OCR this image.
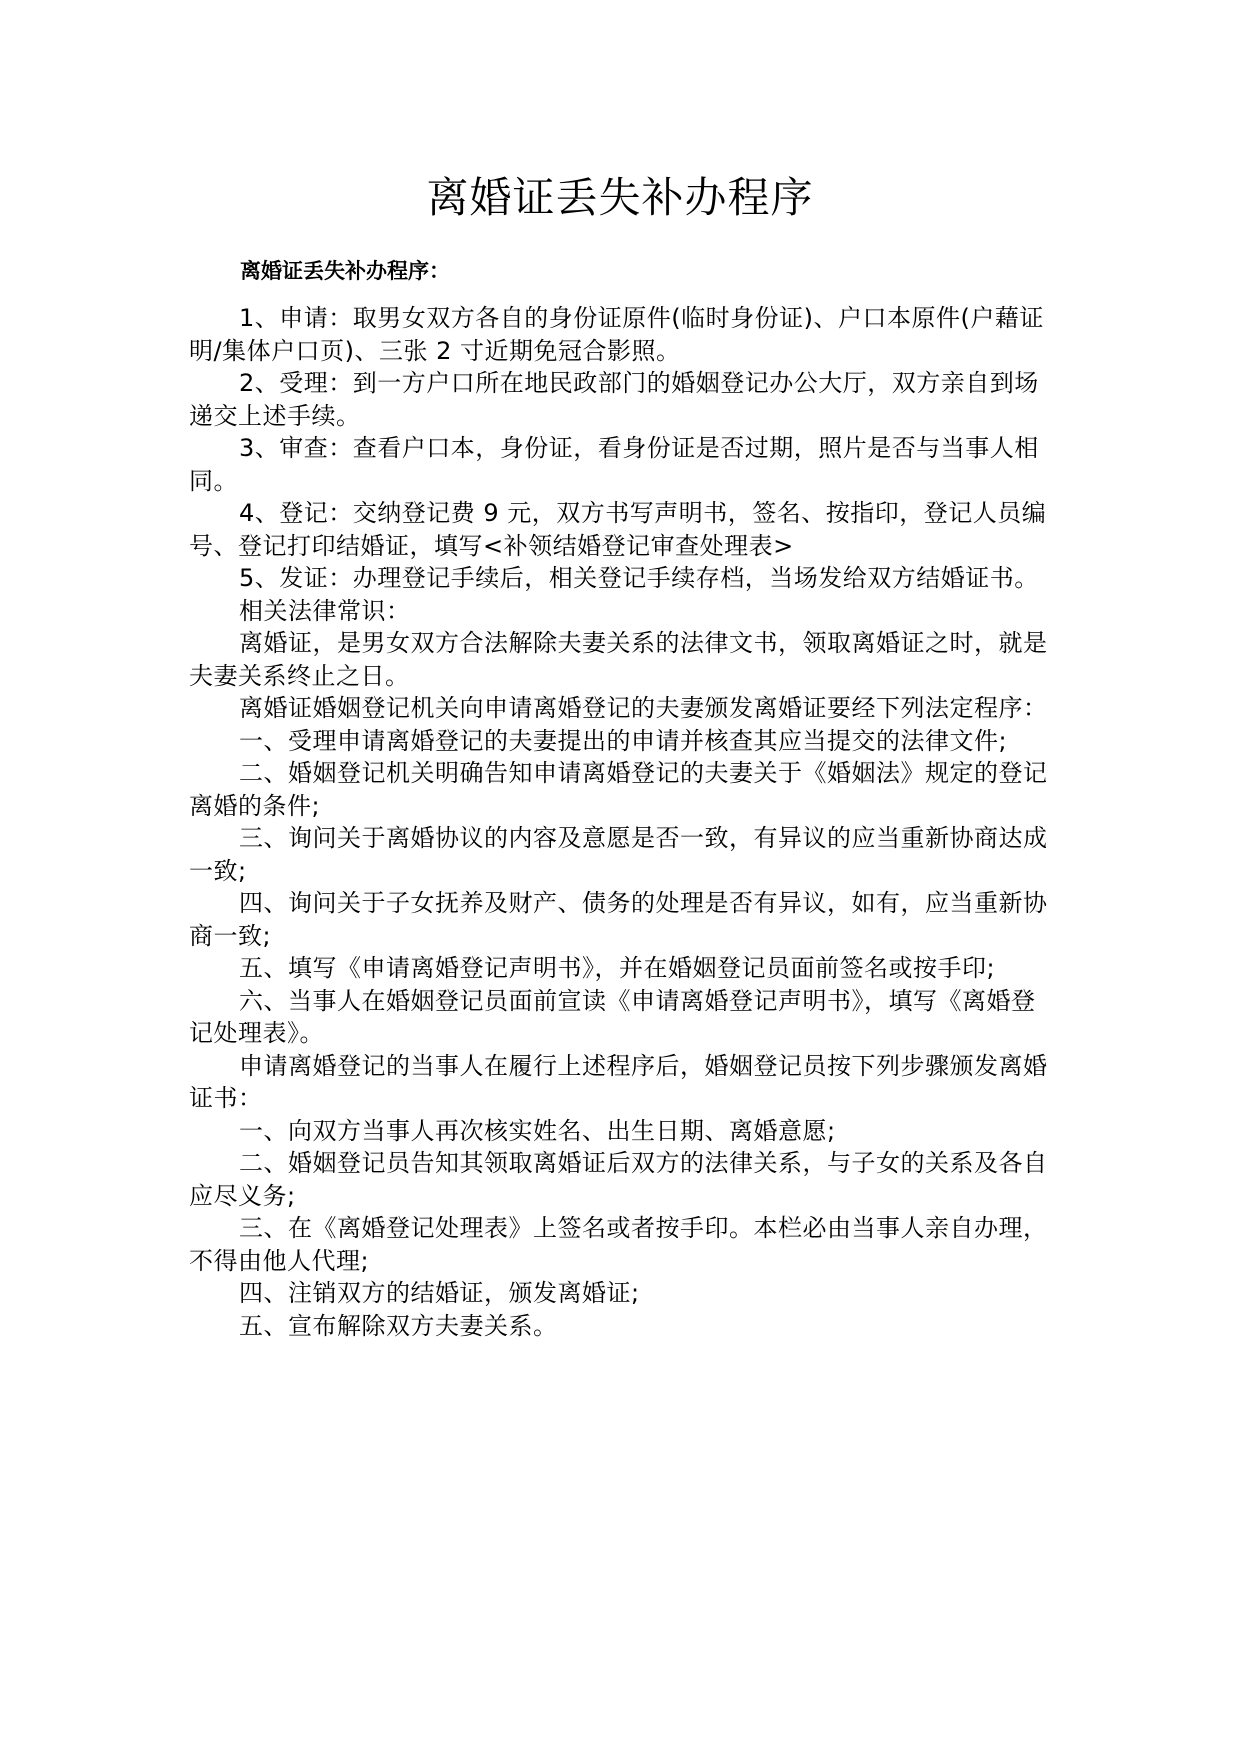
离婚证丢失补办程序

离婚证丢失补办程序：

1、申请：取男女双方各自的身份证原件(临时身份证)、户口本原件(户藉证明/集体户口页)、三张 2 寸近期免冠合影照。

2、受理：到一方户口所在地民政部门的婚姻登记办公大厅，双方亲自到场递交上述手续。

3、审查：查看户口本，身份证，看身份证是否过期，照片是否与当事人相同。

4、登记：交纳登记费 9 元，双方书写声明书，签名、按指印，登记人员编号、登记打印结婚证，填写<补领结婚登记审查处理表>

5、发证：办理登记手续后，相关登记手续存档，当场发给双方结婚证书。

相关法律常识：

离婚证，是男女双方合法解除夫妻关系的法律文书，领取离婚证之时，就是夫妻关系终止之日。

离婚证婚姻登记机关向申请离婚登记的夫妻颁发离婚证要经下列法定程序：

一、受理申请离婚登记的夫妻提出的申请并核查其应当提交的法律文件;

二、婚姻登记机关明确告知申请离婚登记的夫妻关于《婚姻法》规定的登记离婚的条件;

三、询问关于离婚协议的内容及意愿是否一致，有异议的应当重新协商达成一致;

四、询问关于子女抚养及财产、债务的处理是否有异议，如有，应当重新协商一致;

五、填写《申请离婚登记声明书》，并在婚姻登记员面前签名或按手印;

六、当事人在婚姻登记员面前宣读《申请离婚登记声明书》，填写《离婚登记处理表》。

申请离婚登记的当事人在履行上述程序后，婚姻登记员按下列步骤颁发离婚证书：

一、向双方当事人再次核实姓名、出生日期、离婚意愿;

二、婚姻登记员告知其领取离婚证后双方的法律关系，与子女的关系及各自应尽义务;

三、在《离婚登记处理表》上签名或者按手印。本栏必由当事人亲自办理，不得由他人代理;

四、注销双方的结婚证，颁发离婚证;

五、宣布解除双方夫妻关系。
